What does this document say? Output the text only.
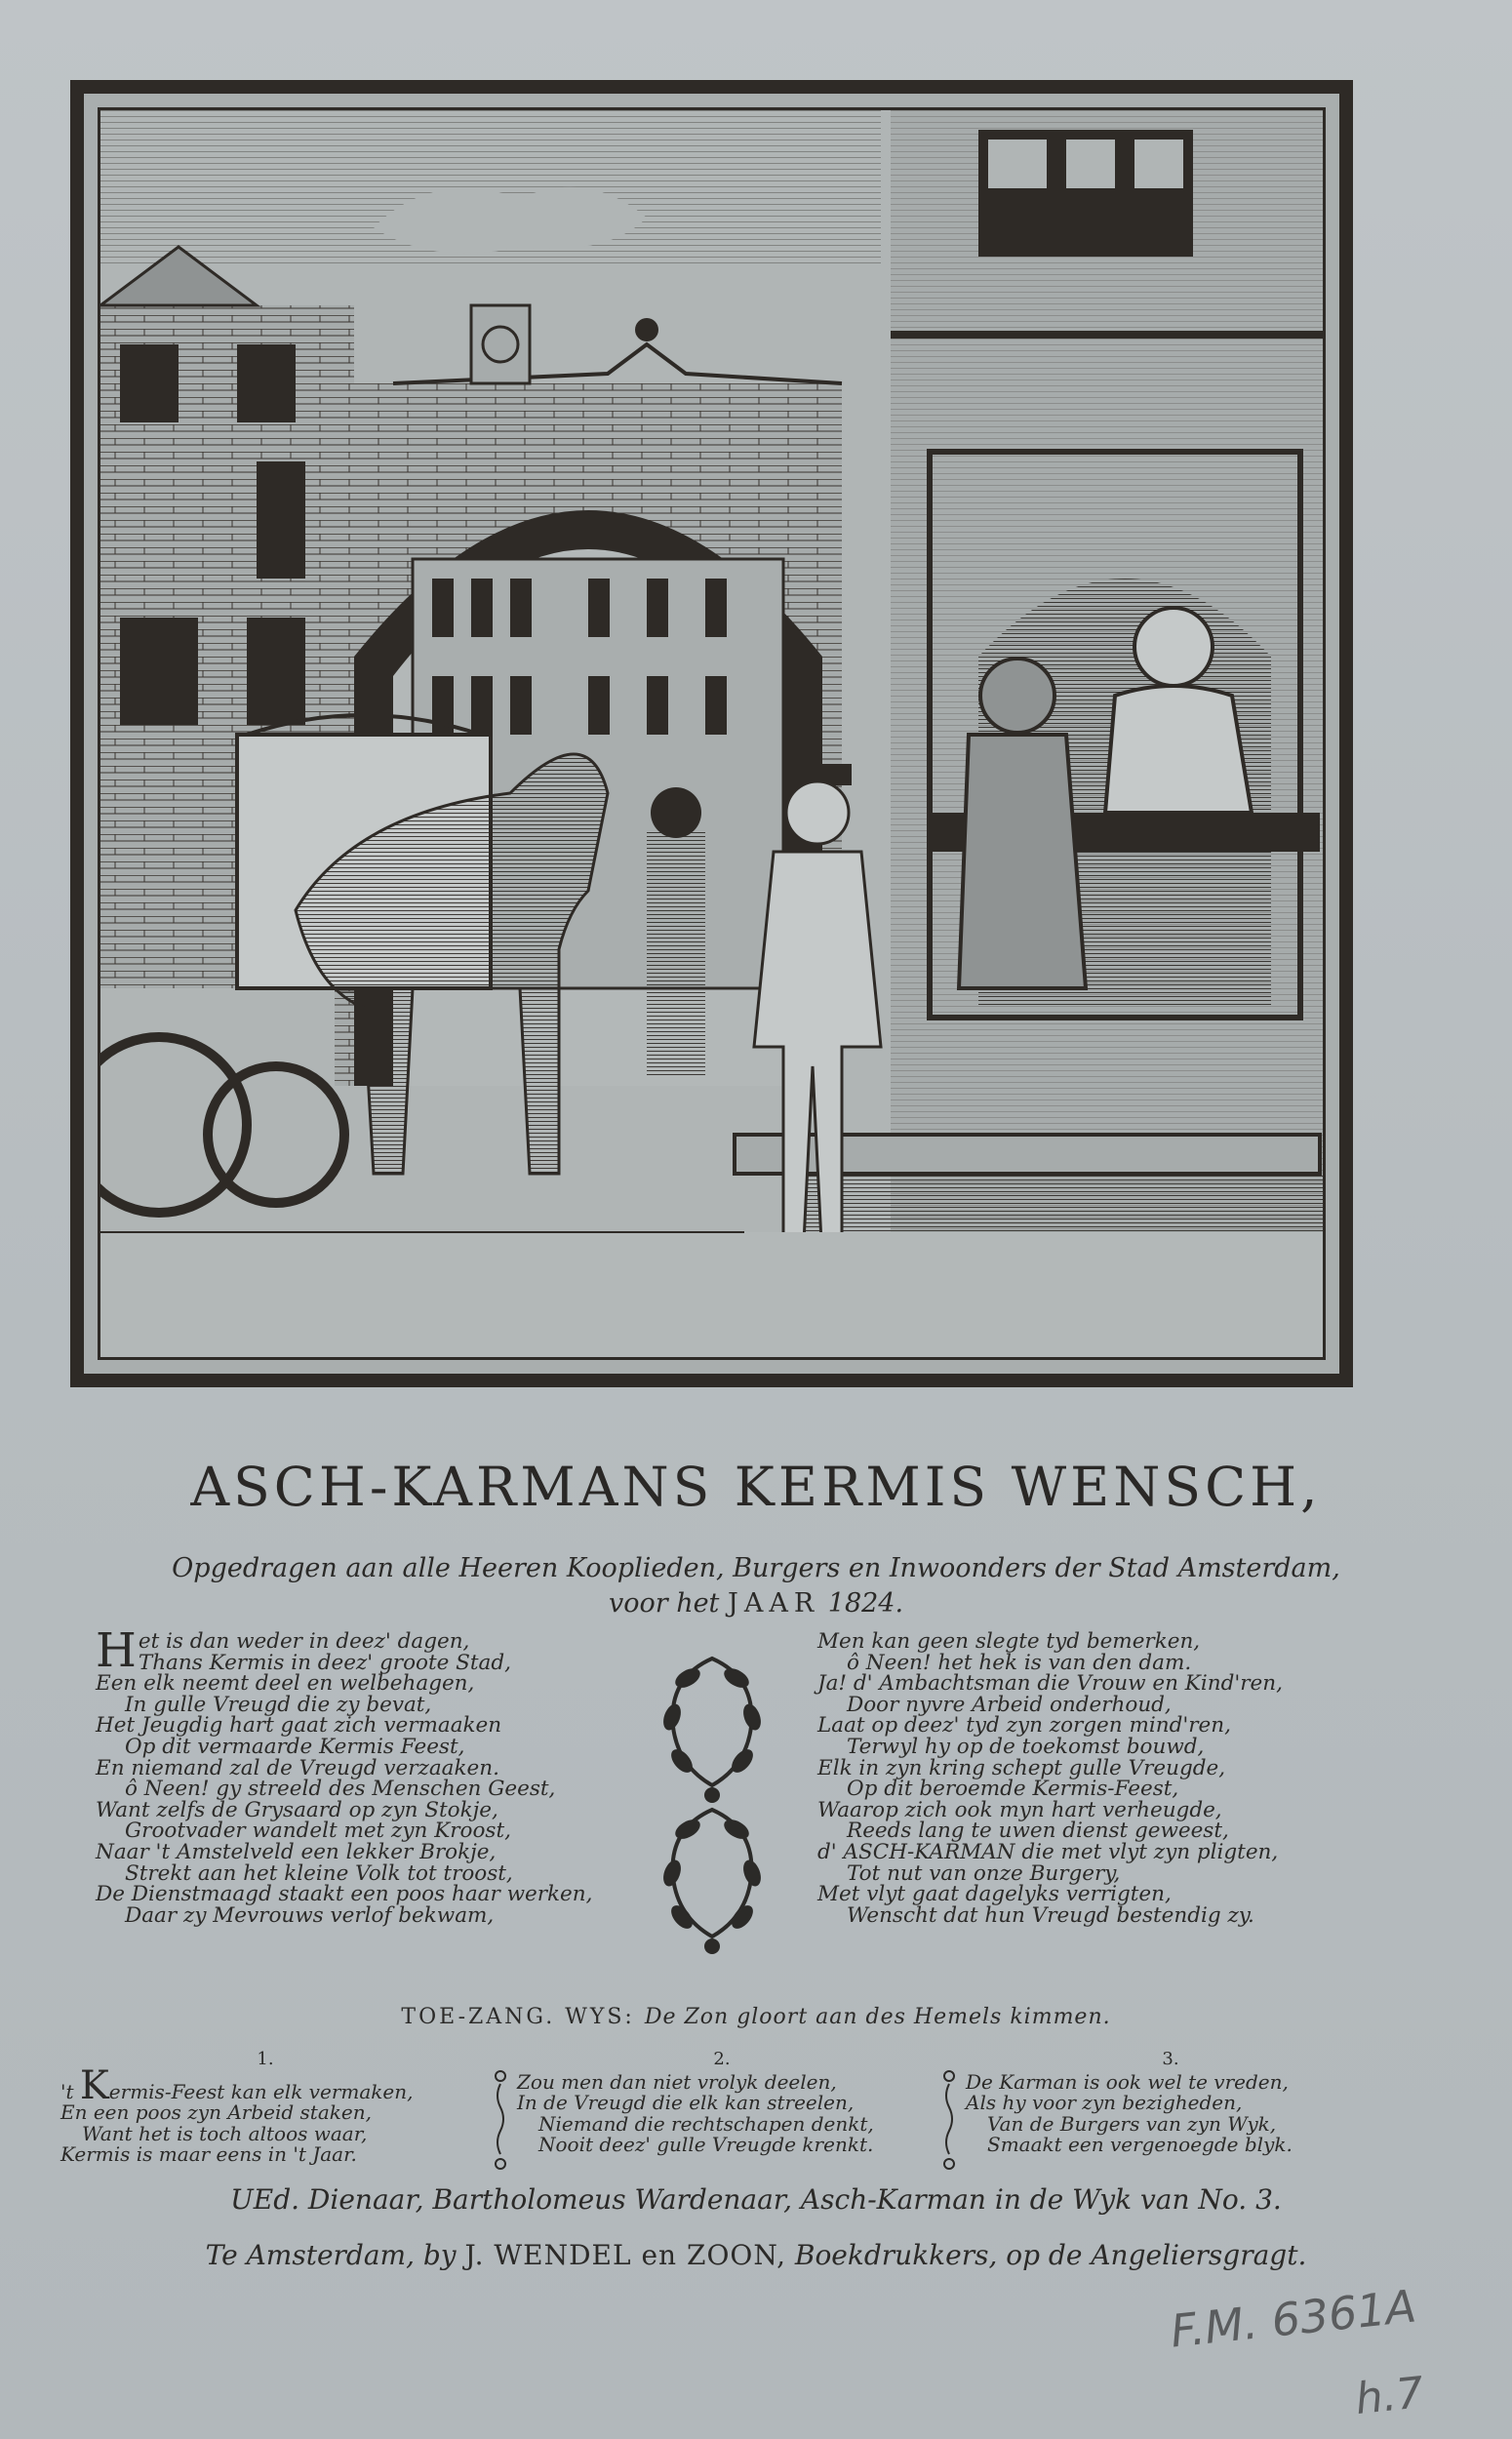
ASCH-KARMANS KERMIS WENSCH,
Opgedragen aan alle Heeren Kooplieden, Burgers en Inwoonders der Stad Amsterdam,
voor het JAAR 1824.
Het is dan weder in deez' dagen,
Thans Kermis in deez' groote Stad,
Een elk neemt deel en welbehagen,
In gulle Vreugd die zy bevat,
Het Jeugdig hart gaat zich vermaaken
Op dit vermaarde Kermis Feest,
En niemand zal de Vreugd verzaaken.
ô Neen! gy streeld des Menschen Geest,
Want zelfs de Grysaard op zyn Stokje,
Grootvader wandelt met zyn Kroost,
Naar 't Amstelveld een lekker Brokje,
Strekt aan het kleine Volk tot troost,
De Dienstmaagd staakt een poos haar werken,
Daar zy Mevrouws verlof bekwam,
Men kan geen slegte tyd bemerken,
ô Neen! het hek is van den dam.
Ja! d' Ambachtsman die Vrouw en Kind'ren,
Door nyvre Arbeid onderhoud,
Laat op deez' tyd zyn zorgen mind'ren,
Terwyl hy op de toekomst bouwd,
Elk in zyn kring schept gulle Vreugde,
Op dit beroemde Kermis-Feest,
Waarop zich ook myn hart verheugde,
Reeds lang te uwen dienst geweest,
d' ASCH-KARMAN die met vlyt zyn pligten,
Tot nut van onze Burgery,
Met vlyt gaat dagelyks verrigten,
Wenscht dat hun Vreugd bestendig zy.
TOE-ZANG. WYS: De Zon gloort aan des Hemels kimmen.
1.
't Kermis-Feest kan elk vermaken,
En een poos zyn Arbeid staken,
Want het is toch altoos waar,
Kermis is maar eens in 't Jaar.
2.
Zou men dan niet vrolyk deelen,
In de Vreugd die elk kan streelen,
Niemand die rechtschapen denkt,
Nooit deez' gulle Vreugde krenkt.
3.
De Karman is ook wel te vreden,
Als hy voor zyn bezigheden,
Van de Burgers van zyn Wyk,
Smaakt een vergenoegde blyk.
UEd. Dienaar, Bartholomeus Wardenaar, Asch-Karman in de Wyk van No. 3.
Te Amsterdam, by J. WENDEL en ZOON, Boekdrukkers, op de Angeliersgragt.
F.M. 6361A
h.7
